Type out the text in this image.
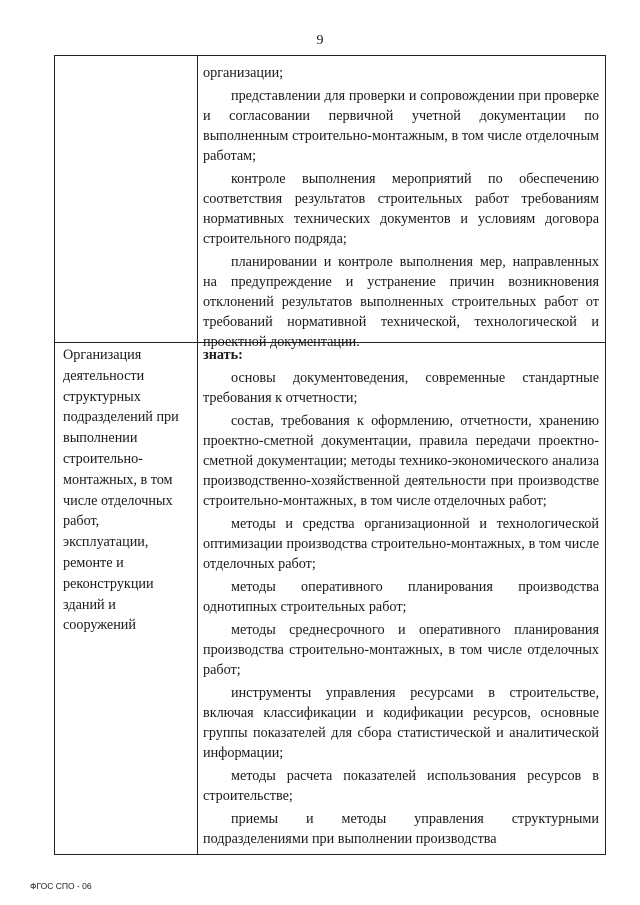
9

организации;

представлении для проверки и сопровождении при проверке и согласовании первичной учетной документации по выполненным строительно-монтажным, в том числе отделочным работам;

контроле выполнения мероприятий по обеспечению соответствия результатов строительных работ требованиям нормативных технических документов и условиям договора строительного подряда;

планировании и контроле выполнения мер, направленных на предупреждение и устранение причин возникновения отклонений результатов выполненных строительных работ от требований нормативной технической, технологической и проектной документации.

Организация
деятельности
структурных
подразделений при
выполнении
строительно-
монтажных, в том
числе отделочных
работ,
эксплуатации,
ремонте и
реконструкции
зданий и
сооружений
знать:

основы документоведения, современные стандартные требования к отчетности;

состав, требования к оформлению, отчетности, хранению проектно-сметной документации, правила передачи проектно-сметной документации; методы технико-экономического анализа производственно-хозяйственной деятельности при производстве строительно-монтажных, в том числе отделочных работ;

методы и средства организационной и технологической оптимизации производства строительно-монтажных, в том числе отделочных работ;

методы оперативного планирования производства однотипных строительных работ;

методы среднесрочного и оперативного планирования производства строительно-монтажных, в том числе отделочных работ;

инструменты управления ресурсами в строительстве, включая классификации и кодификации ресурсов, основные группы показателей для сбора статистической и аналитической информации;

методы расчета показателей использования ресурсов в строительстве;

приемы и методы управления структурными подразделениями при выполнении производства

ФГОС СПО - 06
